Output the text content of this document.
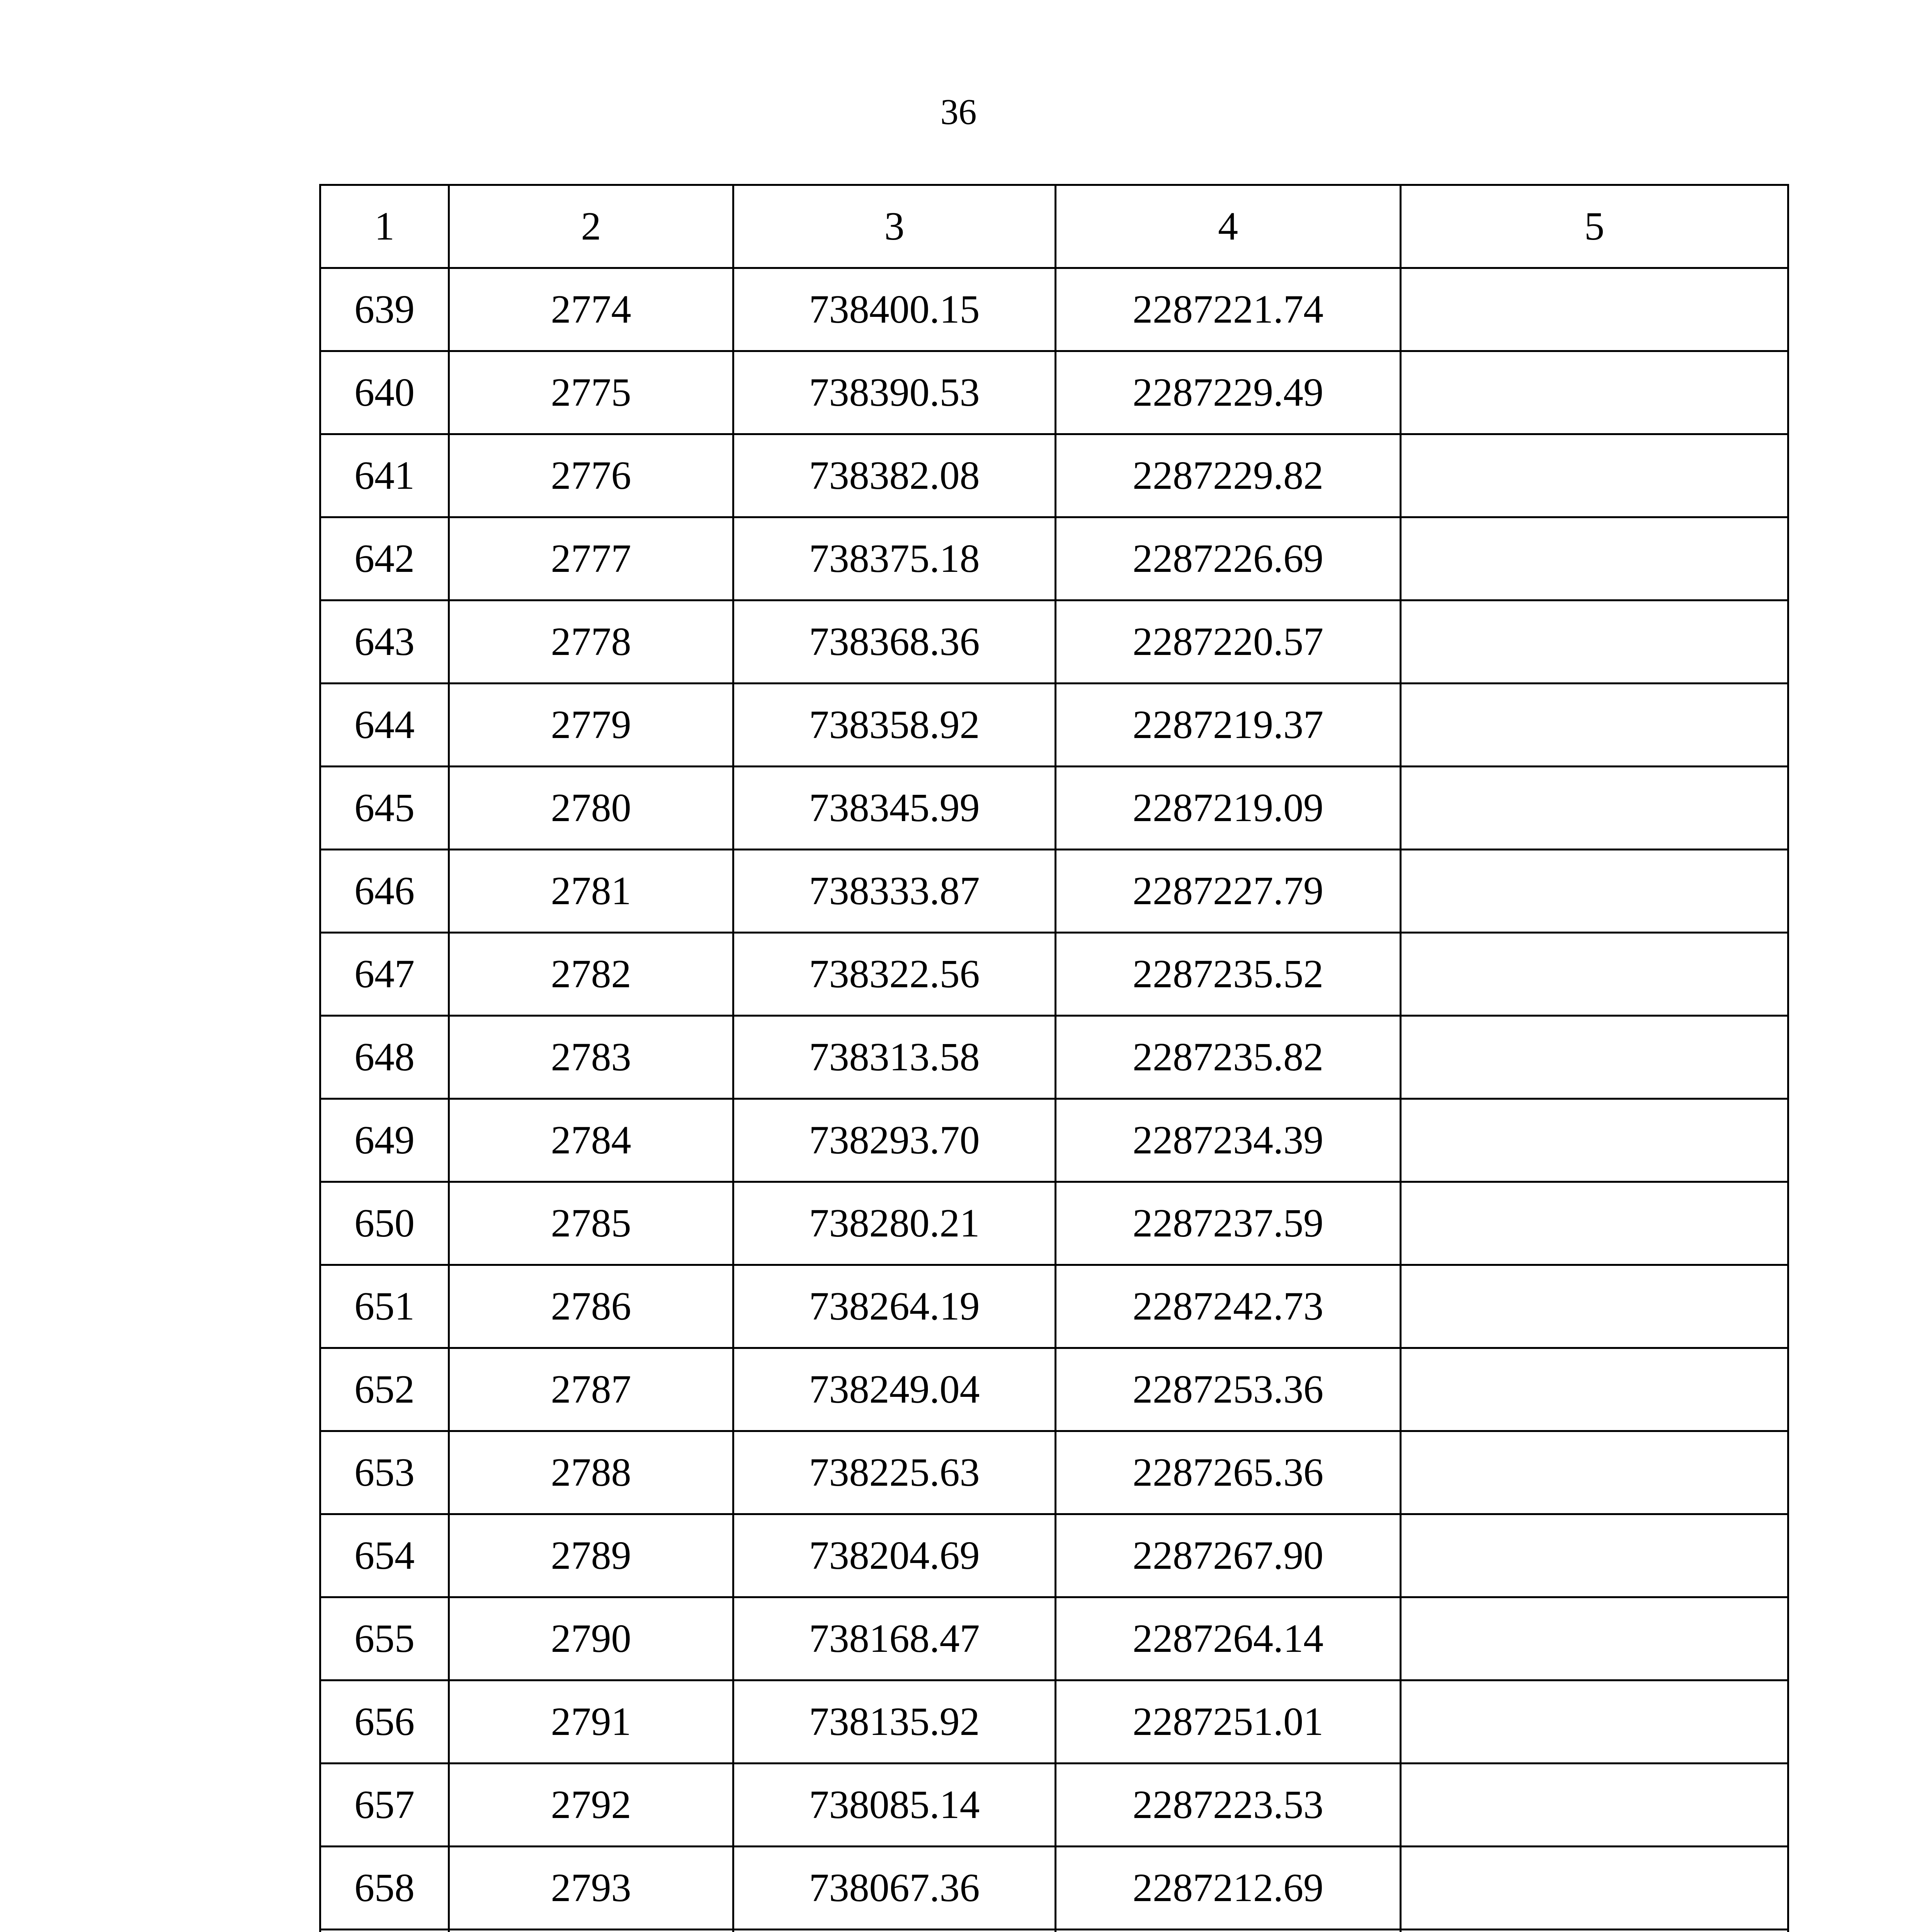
36
1	2	3	4	5
639	2774	738400.15	2287221.74	
640	2775	738390.53	2287229.49	
641	2776	738382.08	2287229.82	
642	2777	738375.18	2287226.69	
643	2778	738368.36	2287220.57	
644	2779	738358.92	2287219.37	
645	2780	738345.99	2287219.09	
646	2781	738333.87	2287227.79	
647	2782	738322.56	2287235.52	
648	2783	738313.58	2287235.82	
649	2784	738293.70	2287234.39	
650	2785	738280.21	2287237.59	
651	2786	738264.19	2287242.73	
652	2787	738249.04	2287253.36	
653	2788	738225.63	2287265.36	
654	2789	738204.69	2287267.90	
655	2790	738168.47	2287264.14	
656	2791	738135.92	2287251.01	
657	2792	738085.14	2287223.53	
658	2793	738067.36	2287212.69	
